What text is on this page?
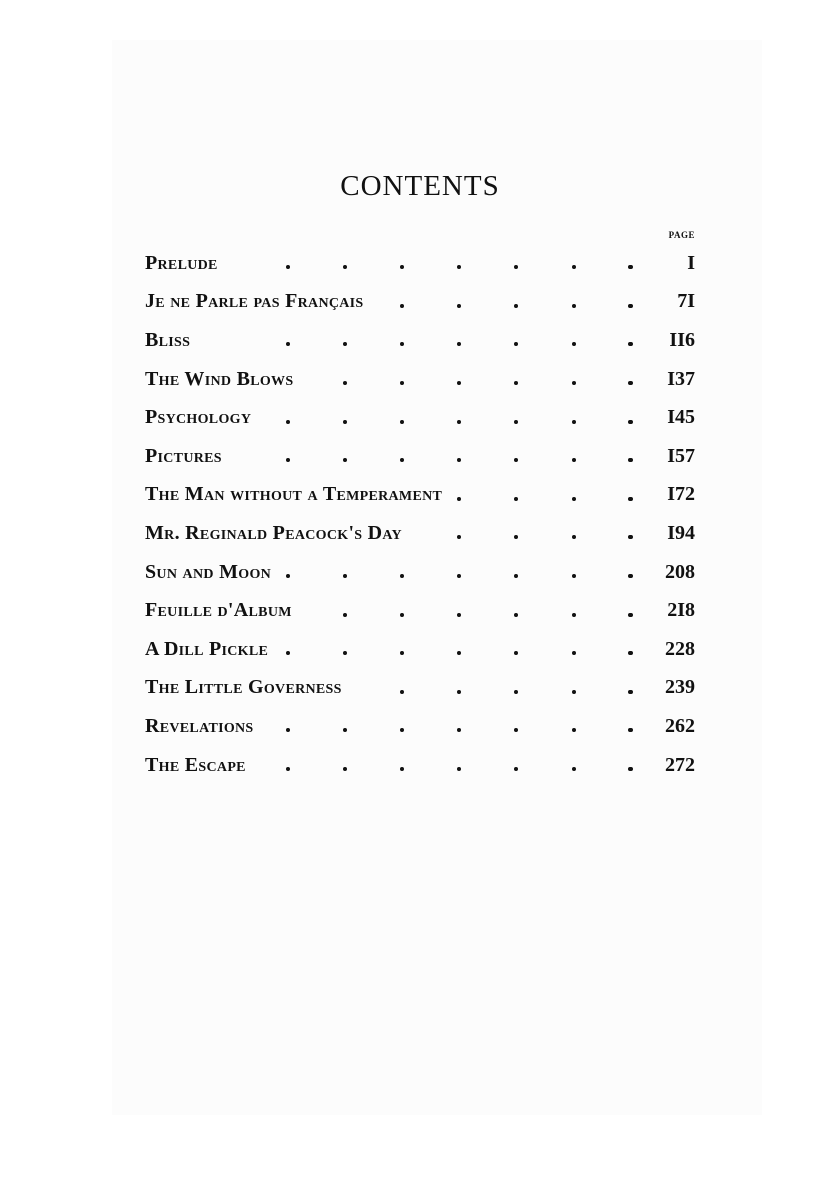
CONTENTS
PAGE
Prelude	I
Je ne Parle pas Français	7I
Bliss	II6
The Wind Blows	I37
Psychology	I45
Pictures	I57
The Man without a Temperament	I72
Mr. Reginald Peacock's Day	I94
Sun and Moon	208
Feuille d'Album	2I8
A Dill Pickle	228
The Little Governess	239
Revelations	262
The Escape	272
